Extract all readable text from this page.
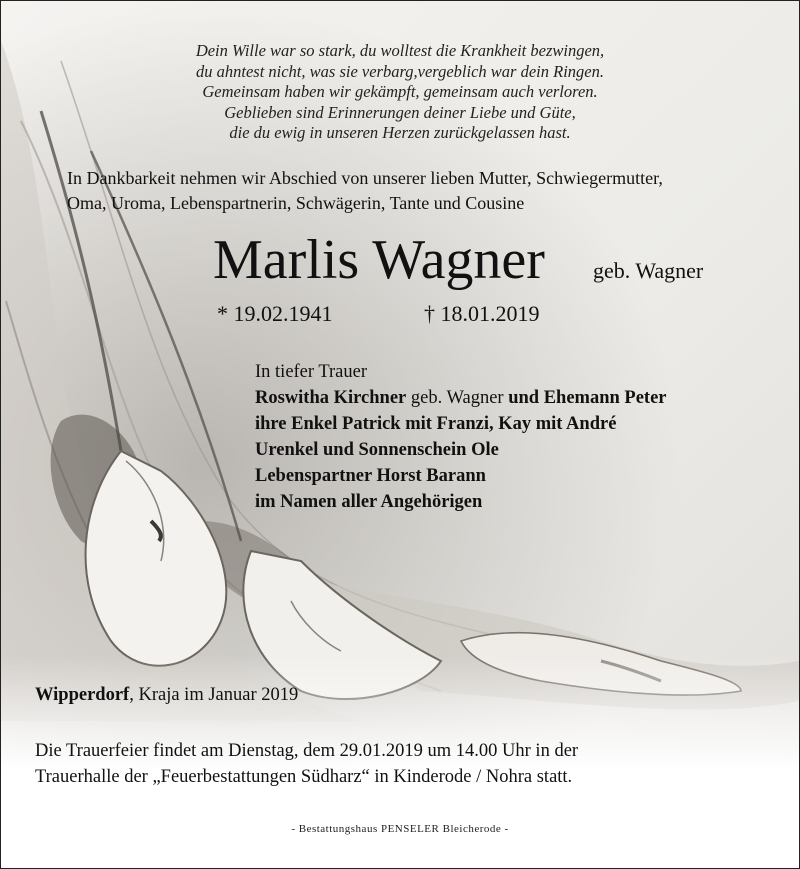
Dein Wille war so stark, du wolltest die Krankheit bezwingen,
du ahntest nicht, was sie verbarg,vergeblich war dein Ringen.
Gemeinsam haben wir gekämpft, gemeinsam auch verloren.
Geblieben sind Erinnerungen deiner Liebe und Güte,
die du ewig in unseren Herzen zurückgelassen hast.
In Dankbarkeit nehmen wir Abschied von unserer lieben Mutter, Schwiegermutter,
Oma, Uroma, Lebenspartnerin, Schwägerin, Tante und Cousine
Marlis Wagner geb. Wagner
* 19.02.1941	† 18.01.2019
In tiefer Trauer
Roswitha Kirchner geb. Wagner und Ehemann Peter
ihre Enkel Patrick mit Franzi, Kay mit André
Urenkel und Sonnenschein Ole
Lebenspartner Horst Barann
im Namen aller Angehörigen
Wipperdorf, Kraja im Januar 2019
Die Trauerfeier findet am Dienstag, dem 29.01.2019 um 14.00 Uhr in der
Trauerhalle der „Feuerbestattungen Südharz“ in Kinderode / Nohra statt.
- Bestattungshaus PENSELER Bleicherode -
